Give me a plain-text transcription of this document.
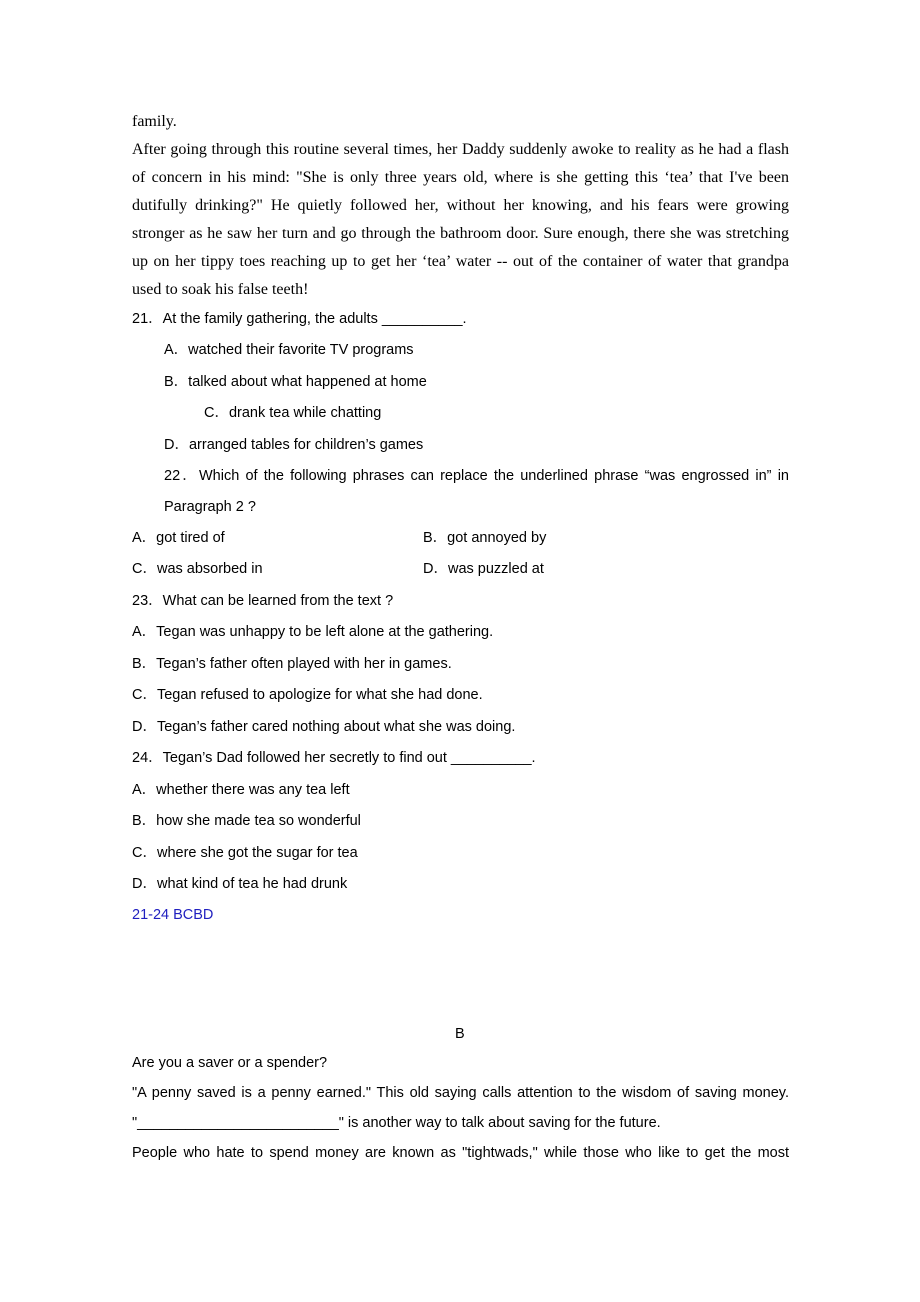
family.

After going through this routine several times, her Daddy suddenly awoke to reality as he had a flash of concern in his mind: "She is only three years old, where is she getting this ‘tea’ that I've been dutifully drinking?" He quietly followed her, without her knowing, and his fears were growing stronger as he saw her turn and go through the bathroom door. Sure enough, there she was stretching up on her tippy toes reaching up to get her ‘tea’ water -- out of the container of water that grandpa used to soak his false teeth!

21．At the family gathering, the adults __________.

A．watched their favorite TV programs

B．talked about what happened at home

C．drank tea while chatting

D．arranged tables for children’s games

22．Which of the following phrases can replace the underlined phrase “was engrossed in” in

Paragraph 2 ?

A．got tired of	B．got annoyed by

C．was absorbed in	D．was puzzled at

23．What can be learned from the text ?

A．Tegan was unhappy to be left alone at the gathering.

B．Tegan’s father often played with her in games.

C．Tegan refused to apologize for what she had done.

D．Tegan’s father cared nothing about what she was doing.

24．Tegan’s Dad followed her secretly to find out __________.

A．whether there was any tea left

B．how she made tea so wonderful

C．where she got the sugar for tea

D．what kind of tea he had drunk

21-24 BCBD

B

Are you a saver or a spender?

"A penny saved is a penny earned." This old saying calls attention to the wisdom of saving money.

"_________________________" is another way to talk about saving for the future.

People who hate to spend money are known as "tightwads," while those who like to get the most
